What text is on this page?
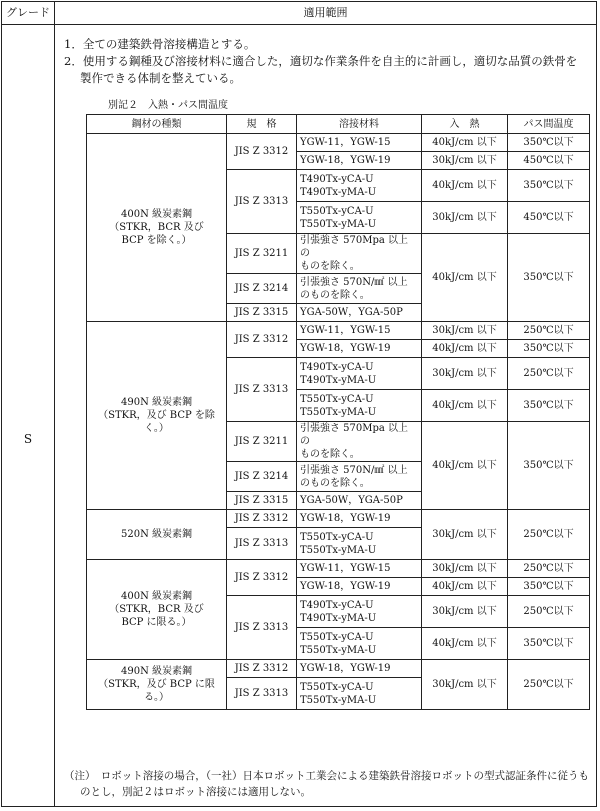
グレード	適用範囲
S
1．全ての建築鉄骨溶接構造とする。
2．使用する鋼種及び溶接材料に適合した，適切な作業条件を自主的に計画し，適切な品質の鉄骨を
製作できる体制を整えている。
別記２　入熱・パス間温度
鋼材の種類	規　格	溶接材料	入　熱	パス間温度
400N 級炭素鋼
（STKR，BCR 及び
BCP を除く。）	JIS Z 3312	YGW-11，YGW-15	40kJ/cm 以下	350℃以下
		YGW-18，YGW-19	30kJ/cm 以下	450℃以下
	JIS Z 3313	T490Tx-yCA-U
T490Tx-yMA-U	40kJ/cm 以下	350℃以下
		T550Tx-yCA-U
T550Tx-yMA-U	30kJ/cm 以下	450℃以下
	JIS Z 3211	引張強さ 570Mpa 以上の
ものを除く。	40kJ/cm 以下	350℃以下
	JIS Z 3214	引張強さ 570N/㎟ 以上
のものを除く。		
	JIS Z 3315	YGA-50W，YGA-50P		
490N 級炭素鋼
（STKR，及び BCP を除く。）	JIS Z 3312	YGW-11，YGW-15	30kJ/cm 以下	250℃以下
		YGW-18，YGW-19	40kJ/cm 以下	350℃以下
	JIS Z 3313	T490Tx-yCA-U
T490Tx-yMA-U	30kJ/cm 以下	250℃以下
		T550Tx-yCA-U
T550Tx-yMA-U	40kJ/cm 以下	350℃以下
	JIS Z 3211	引張強さ 570Mpa 以上の
ものを除く。	40kJ/cm 以下	350℃以下
	JIS Z 3214	引張強さ 570N/㎟ 以上
のものを除く。		
	JIS Z 3315	YGA-50W，YGA-50P		
520N 級炭素鋼	JIS Z 3312	YGW-18，YGW-19	30kJ/cm 以下	250℃以下
	JIS Z 3313	T550Tx-yCA-U
T550Tx-yMA-U		
400N 級炭素鋼
（STKR，BCR 及び
BCP に限る。）	JIS Z 3312	YGW-11，YGW-15	30kJ/cm 以下	250℃以下
		YGW-18，YGW-19	40kJ/cm 以下	350℃以下
	JIS Z 3313	T490Tx-yCA-U
T490Tx-yMA-U	30kJ/cm 以下	250℃以下
		T550Tx-yCA-U
T550Tx-yMA-U	40kJ/cm 以下	350℃以下
490N 級炭素鋼
（STKR，及び BCP に限る。）	JIS Z 3312	YGW-18，YGW-19	30kJ/cm 以下	250℃以下
	JIS Z 3313	T550Tx-yCA-U
T550Tx-yMA-U		
（注）　ロボット溶接の場合，（一社）日本ロボット工業会による建築鉄骨溶接ロボットの型式認証条件に従うも
のとし，別記２はロボット溶接には適用しない。
